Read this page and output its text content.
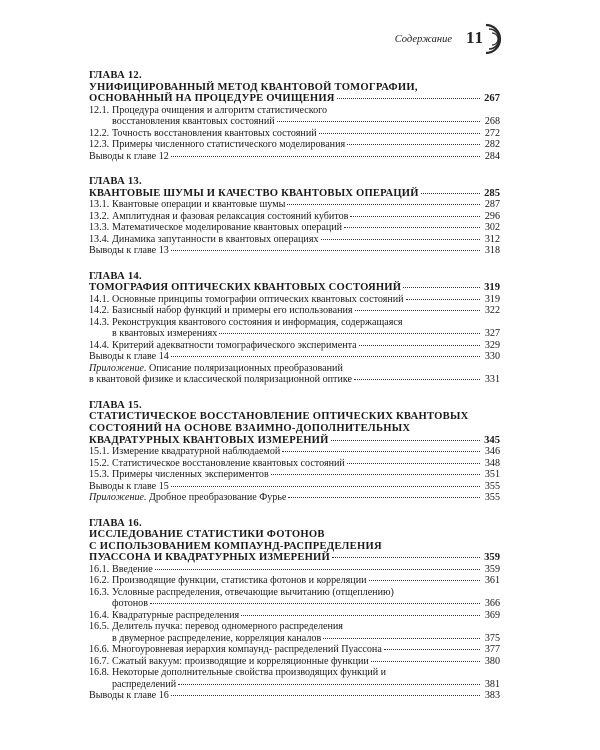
Содержание 11
ГЛАВА 12.
УНИФИЦИРОВАННЫЙ МЕТОД КВАНТОВОЙ ТОМОГРАФИИ,
ОСНОВАННЫЙ НА ПРОЦЕДУРЕ ОЧИЩЕНИЯ	267
12.1. Процедура очищения и алгоритм статистического
восстановления квантовых состояний	268
12.2. Точность восстановления квантовых состояний	272
12.3. Примеры численного статистического моделирования	282
Выводы к главе 12	284
ГЛАВА 13.
КВАНТОВЫЕ ШУМЫ И КАЧЕСТВО КВАНТОВЫХ ОПЕРАЦИЙ	285
13.1. Квантовые операции и квантовые шумы	287
13.2. Амплитудная и фазовая релаксация состояний кубитов	296
13.3. Математическое моделирование квантовых операций	302
13.4. Динамика запутанности в квантовых операциях	312
Выводы к главе 13	318
ГЛАВА 14.
ТОМОГРАФИЯ ОПТИЧЕСКИХ КВАНТОВЫХ СОСТОЯНИЙ	319
14.1. Основные принципы томографии оптических квантовых состояний	319
14.2. Базисный набор функций и примеры его использования	322
14.3. Реконструкция квантового состояния и информация, содержащаяся
в квантовых измерениях	327
14.4. Критерий адекватности томографического эксперимента	329
Выводы к главе 14	330
Приложение. Описание поляризационных преобразований
в квантовой физике и классической поляризационной оптике	331
ГЛАВА 15.
СТАТИСТИЧЕСКОЕ ВОССТАНОВЛЕНИЕ ОПТИЧЕСКИХ КВАНТОВЫХ
СОСТОЯНИЙ НА ОСНОВЕ ВЗАИМНО-ДОПОЛНИТЕЛЬНЫХ
КВАДРАТУРНЫХ КВАНТОВЫХ ИЗМЕРЕНИЙ	345
15.1. Измерение квадратурной наблюдаемой	346
15.2. Статистическое восстановление квантовых состояний	348
15.3. Примеры численных экспериментов	351
Выводы к главе 15	355
Приложение. Дробное преобразование Фурье	355
ГЛАВА 16.
ИССЛЕДОВАНИЕ СТАТИСТИКИ ФОТОНОВ
С ИСПОЛЬЗОВАНИЕМ КОМПАУНД-РАСПРЕДЕЛЕНИЯ
ПУАССОНА И КВАДРАТУРНЫХ ИЗМЕРЕНИЙ	359
16.1. Введение	359
16.2. Производящие функции, статистика фотонов и корреляции	361
16.3. Условные распределения, отвечающие вычитанию (отщеплению)
фотонов	366
16.4. Квадратурные распределения	369
16.5. Делитель пучка: перевод одномерного распределения
в двумерное распределение, корреляция каналов	375
16.6. Многоуровневая иерархия компаунд- распределений Пуассона	377
16.7. Сжатый вакуум: производящие и корреляционные функции	380
16.8. Некоторые дополнительные свойства производящих функций и
распределений	381
Выводы к главе 16	383
